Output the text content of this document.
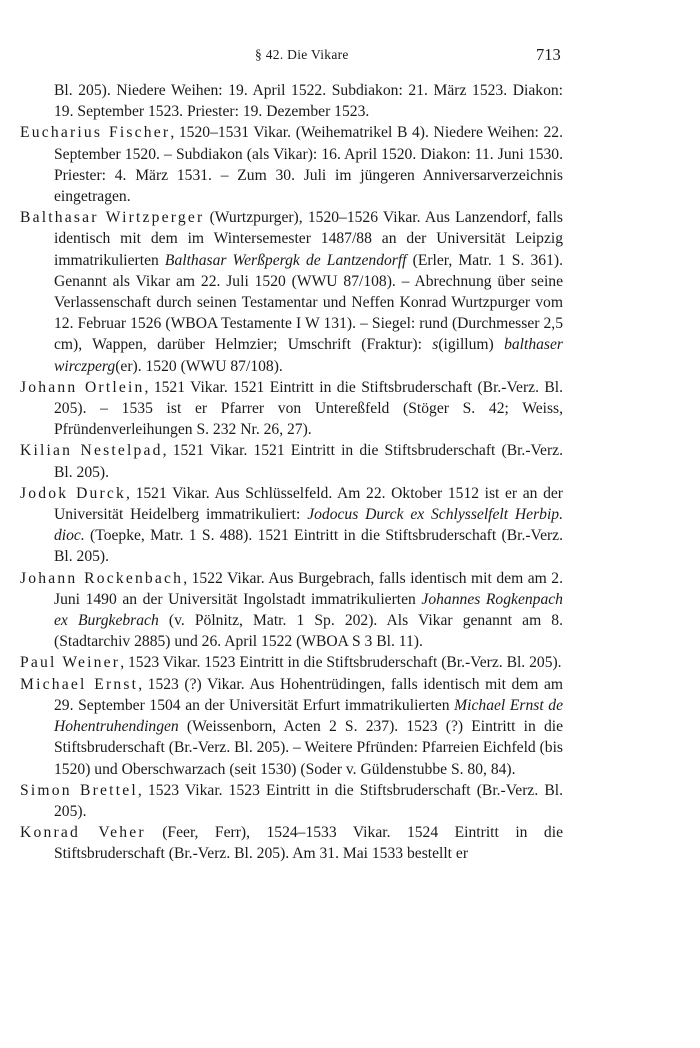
§ 42. Die Vikare	713

Bl. 205). Niedere Weihen: 19. April 1522. Subdiakon: 21. März 1523. Diakon: 19. September 1523. Priester: 19. Dezember 1523.

Eucharius Fischer, 1520–1531 Vikar. (Weihematrikel B 4). Niedere Weihen: 22. September 1520. – Subdiakon (als Vikar): 16. April 1520. Diakon: 11. Juni 1530. Priester: 4. März 1531. – Zum 30. Juli im jüngeren Anniversarverzeichnis eingetragen.

Balthasar Wirtzperger (Wurtzpurger), 1520–1526 Vikar. Aus Lanzendorf, falls identisch mit dem im Wintersemester 1487/88 an der Universität Leipzig immatrikulierten Balthasar Werßpergk de Lantzendorff (Erler, Matr. 1 S. 361). Genannt als Vikar am 22. Juli 1520 (WWU 87/108). – Abrechnung über seine Verlassenschaft durch seinen Testamentar und Neffen Konrad Wurtzpurger vom 12. Februar 1526 (WBOA Testamente I W 131). – Siegel: rund (Durchmesser 2,5 cm), Wappen, darüber Helmzier; Umschrift (Fraktur): s(igillum) balthaser wirczperg(er). 1520 (WWU 87/108).

Johann Ortlein, 1521 Vikar. 1521 Eintritt in die Stiftsbruderschaft (Br.-Verz. Bl. 205). – 1535 ist er Pfarrer von Untereßfeld (Stöger S. 42; Weiss, Pfründenverleihungen S. 232 Nr. 26, 27).

Kilian Nestelpad, 1521 Vikar. 1521 Eintritt in die Stiftsbruderschaft (Br.-Verz. Bl. 205).

Jodok Durck, 1521 Vikar. Aus Schlüsselfeld. Am 22. Oktober 1512 ist er an der Universität Heidelberg immatrikuliert: Jodocus Durck ex Schlysselfelt Herbip. dioc. (Toepke, Matr. 1 S. 488). 1521 Eintritt in die Stiftsbruderschaft (Br.-Verz. Bl. 205).

Johann Rockenbach, 1522 Vikar. Aus Burgebrach, falls identisch mit dem am 2. Juni 1490 an der Universität Ingolstadt immatrikulierten Johannes Rogkenpach ex Burgkebrach (v. Pölnitz, Matr. 1 Sp. 202). Als Vikar genannt am 8. (Stadtarchiv 2885) und 26. April 1522 (WBOA S 3 Bl. 11).

Paul Weiner, 1523 Vikar. 1523 Eintritt in die Stiftsbruderschaft (Br.-Verz. Bl. 205).

Michael Ernst, 1523 (?) Vikar. Aus Hohentrüdingen, falls identisch mit dem am 29. September 1504 an der Universität Erfurt immatrikulierten Michael Ernst de Hohentruhendingen (Weissenborn, Acten 2 S. 237). 1523 (?) Eintritt in die Stiftsbruderschaft (Br.-Verz. Bl. 205). – Weitere Pfründen: Pfarreien Eichfeld (bis 1520) und Oberschwarzach (seit 1530) (Soder v. Güldenstubbe S. 80, 84).

Simon Brettel, 1523 Vikar. 1523 Eintritt in die Stiftsbruderschaft (Br.-Verz. Bl. 205).

Konrad Veher (Feer, Ferr), 1524–1533 Vikar. 1524 Eintritt in die Stiftsbruderschaft (Br.-Verz. Bl. 205). Am 31. Mai 1533 bestellt er
